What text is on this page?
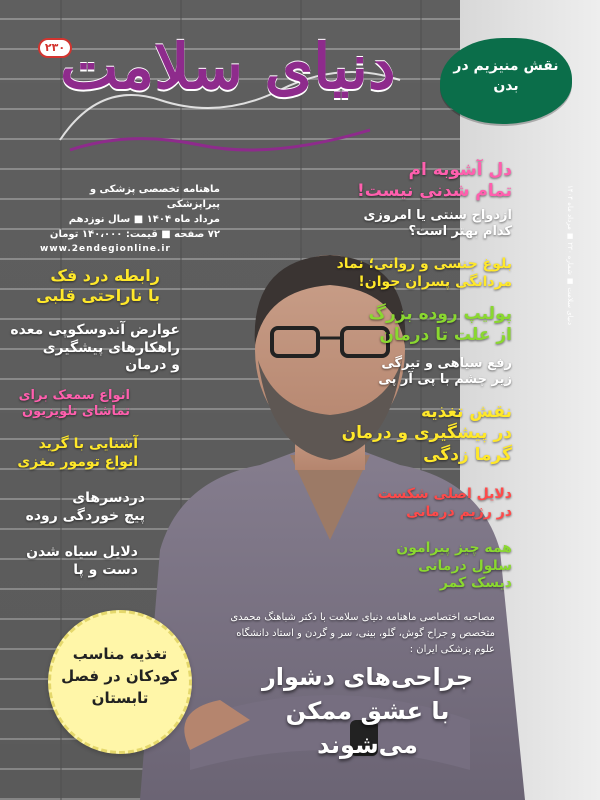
۲۳۰
دنیای سلامت
ماهنامه تخصصی پزشکی و پیراپزشکی
مرداد ماه ۱۴۰۴ ■ سال نوزدهم
۷۲ صفحه ■ قیمت: ۱۴۰،۰۰۰ تومان
www.2endegionline.ir
دنیای سلامت ■ شماره ۲۳۰ ■ مرداد ماه ۱۴۰۴
نقش منیزیم در بدن
دل آشوبه ام
تمام شدنی نیست!
ازدواج سنتی یا امروزی
کدام بهتر است؟
بلوغ جنسی و روانی؛ نماد
مردانگی پسران جوان!
پولیپ روده بزرگ
از علت تا درمان
رفع سیاهی و تیرگی
زیر چشم با پی آر پی
نقش تغذیه
در پیشگیری و درمان
گرما زدگی
دلایل اصلی شکست
در رژیم درمانی
همه چیز پیرامون
سلول درمانی
دیسک کمر
رابطه درد فک
با ناراحتی قلبی
عوارض آندوسکوپی معده
راهکارهای پیشگیری
و درمان
انواع سمعک برای
تماشای تلویزیون
آشنایی با گرید
انواع تومور مغزی
دردسرهای
پیچ خوردگی روده
دلایل سیاه شدن
دست و پا
تغذیه مناسب
کودکان در فصل
تابستان
مصاحبه اختصاصی ماهنامه دنیای سلامت با دکتر شباهنگ محمدی متخصص و جراح گوش، گلو، بینی، سر و گردن و استاد دانشگاه علوم پزشکی ایران :
جراحی‌های دشوار
با عشق ممکن می‌شوند
